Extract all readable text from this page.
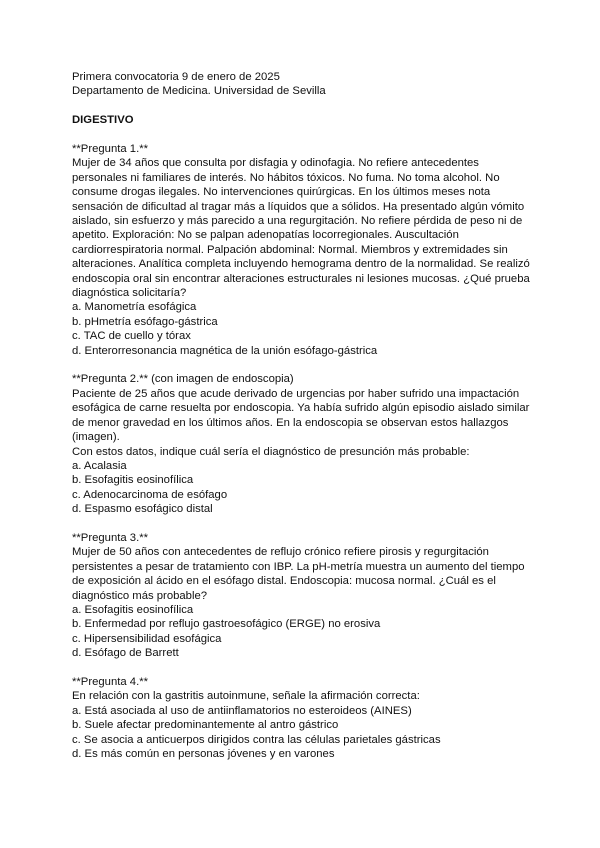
Primera convocatoria 9 de enero de 2025
Departamento de Medicina. Universidad de Sevilla
DIGESTIVO
**Pregunta 1.**
Mujer de 34 años que consulta por disfagia y odinofagia. No refiere antecedentes
personales ni familiares de interés. No hábitos tóxicos. No fuma. No toma alcohol. No
consume drogas ilegales. No intervenciones quirúrgicas. En los últimos meses nota
sensación de dificultad al tragar más a líquidos que a sólidos. Ha presentado algún vómito
aislado, sin esfuerzo y más parecido a una regurgitación. No refiere pérdida de peso ni de
apetito. Exploración: No se palpan adenopatías locorregionales. Auscultación
cardiorrespiratoria normal. Palpación abdominal: Normal. Miembros y extremidades sin
alteraciones. Analítica completa incluyendo hemograma dentro de la normalidad. Se realizó
endoscopia oral sin encontrar alteraciones estructurales ni lesiones mucosas. ¿Qué prueba
diagnóstica solicitaría?
a. Manometría esofágica
b. pHmetría esófago-gástrica
c. TAC de cuello y tórax
d. Enterorresonancia magnética de la unión esófago-gástrica
**Pregunta 2.** (con imagen de endoscopia)
Paciente de 25 años que acude derivado de urgencias por haber sufrido una impactación
esofágica de carne resuelta por endoscopia. Ya había sufrido algún episodio aislado similar
de menor gravedad en los últimos años. En la endoscopia se observan estos hallazgos
(imagen).
Con estos datos, indique cuál sería el diagnóstico de presunción más probable:
a. Acalasia
b. Esofagitis eosinofílica
c. Adenocarcinoma de esófago
d. Espasmo esofágico distal
**Pregunta 3.**
Mujer de 50 años con antecedentes de reflujo crónico refiere pirosis y regurgitación
persistentes a pesar de tratamiento con IBP. La pH-metría muestra un aumento del tiempo
de exposición al ácido en el esófago distal. Endoscopia: mucosa normal. ¿Cuál es el
diagnóstico más probable?
a. Esofagitis eosinofílica
b. Enfermedad por reflujo gastroesofágico (ERGE) no erosiva
c. Hipersensibilidad esofágica
d. Esófago de Barrett
**Pregunta 4.**
En relación con la gastritis autoinmune, señale la afirmación correcta:
a. Está asociada al uso de antiinflamatorios no esteroideos (AINES)
b. Suele afectar predominantemente al antro gástrico
c. Se asocia a anticuerpos dirigidos contra las células parietales gástricas
d. Es más común en personas jóvenes y en varones
